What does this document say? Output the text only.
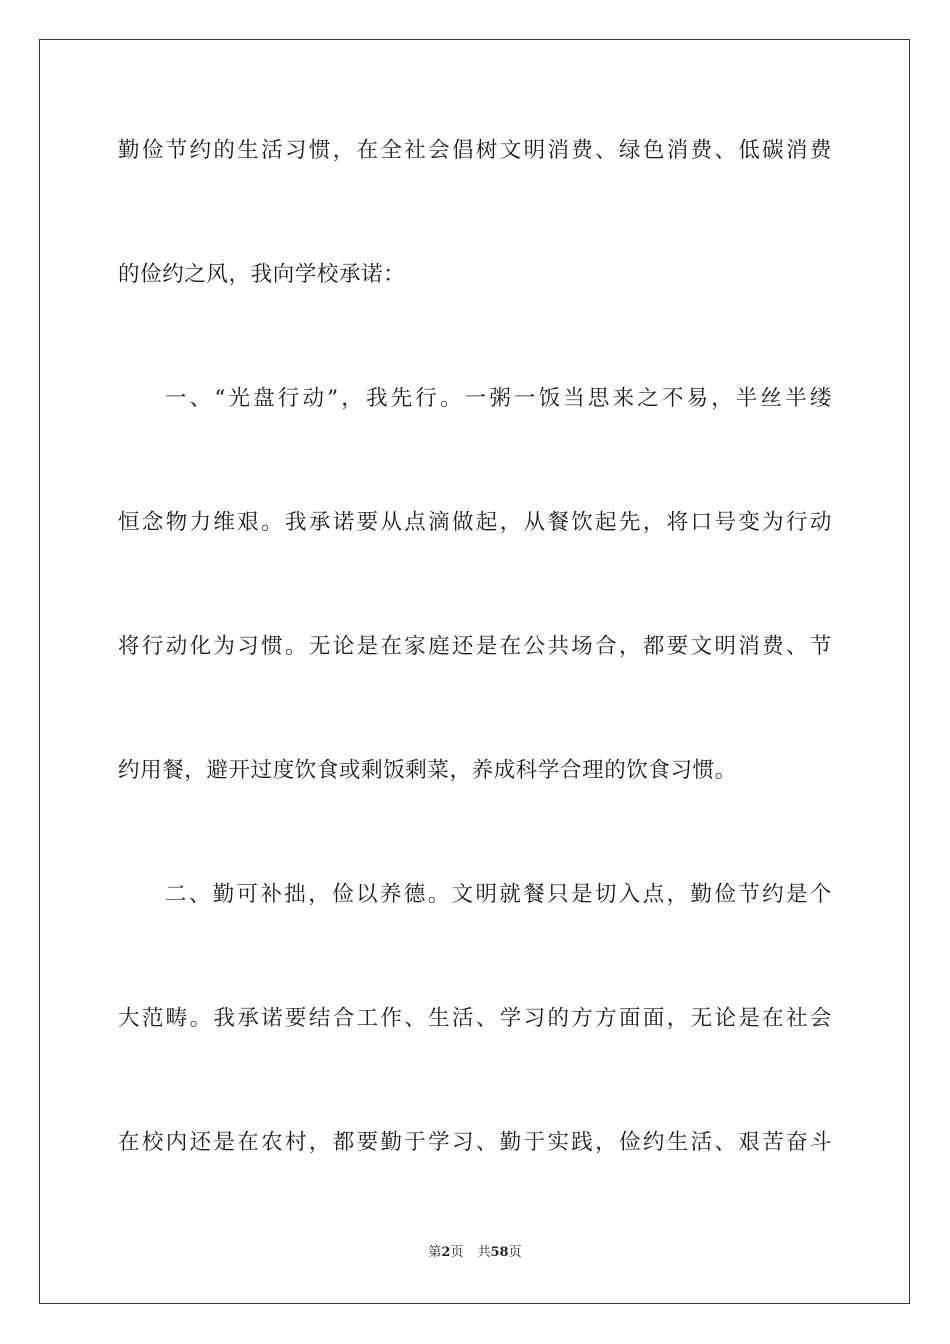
勤俭节约的生活习惯，在全社会倡树文明消费、绿色消费、低碳消费
的俭约之风，我向学校承诺：
一、“光盘行动”，我先行。一粥一饭当思来之不易，半丝半缕
恒念物力维艰。我承诺要从点滴做起，从餐饮起先，将口号变为行动
将行动化为习惯。无论是在家庭还是在公共场合，都要文明消费、节
约用餐，避开过度饮食或剩饭剩菜，养成科学合理的饮食习惯。
二、勤可补拙，俭以养德。文明就餐只是切入点，勤俭节约是个
大范畴。我承诺要结合工作、生活、学习的方方面面，无论是在社会
在校内还是在农村，都要勤于学习、勤于实践，俭约生活、艰苦奋斗
第2页 共58页
